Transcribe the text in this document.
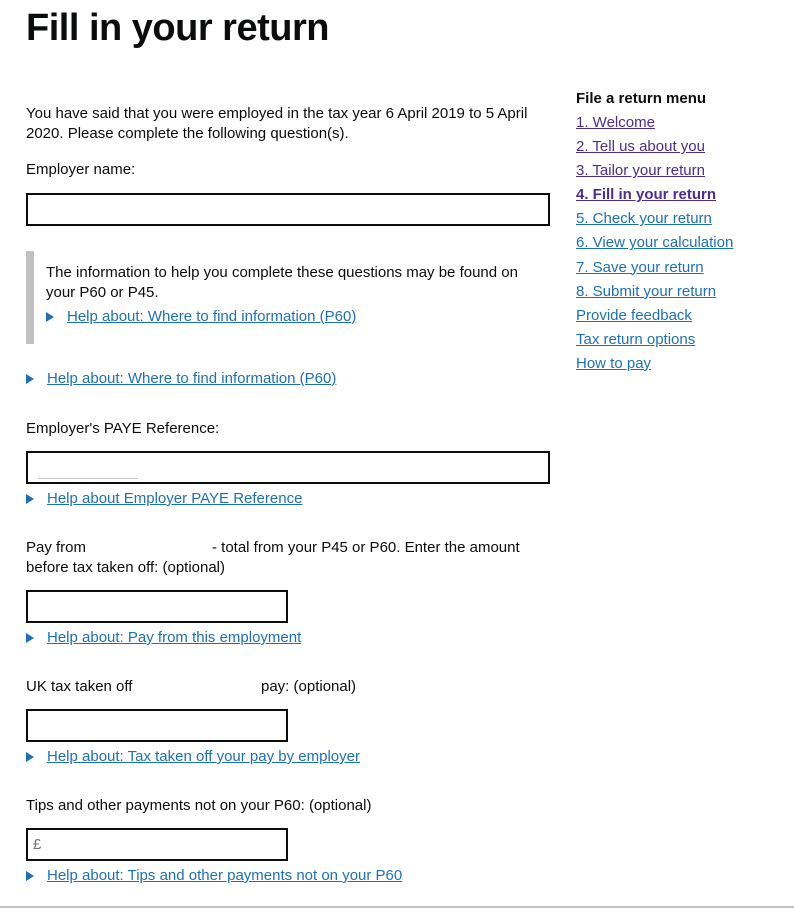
Fill in your return

You have said that you were employed in the tax year 6 April 2019 to 5 April 2020. Please complete the following question(s).

Employer name:

The information to help you complete these questions may be found on your P60 or P45.

Help about: Where to find information (P60)
Help about: Where to find information (P60)
Employer's PAYE Reference:
Help about Employer PAYE Reference
Pay from	- total from your P45 or P60. Enter the amount before tax taken off: (optional)

Help about: Pay from this employment
UK tax taken off	pay: (optional)
Help about: Tax taken off your pay by employer
Tips and other payments not on your P60: (optional)
£
Help about: Tips and other payments not on your P60
File a return menu
1. Welcome
2. Tell us about you
3. Tailor your return
4. Fill in your return
5. Check your return
6. View your calculation
7. Save your return
8. Submit your return
Provide feedback
Tax return options
How to pay
